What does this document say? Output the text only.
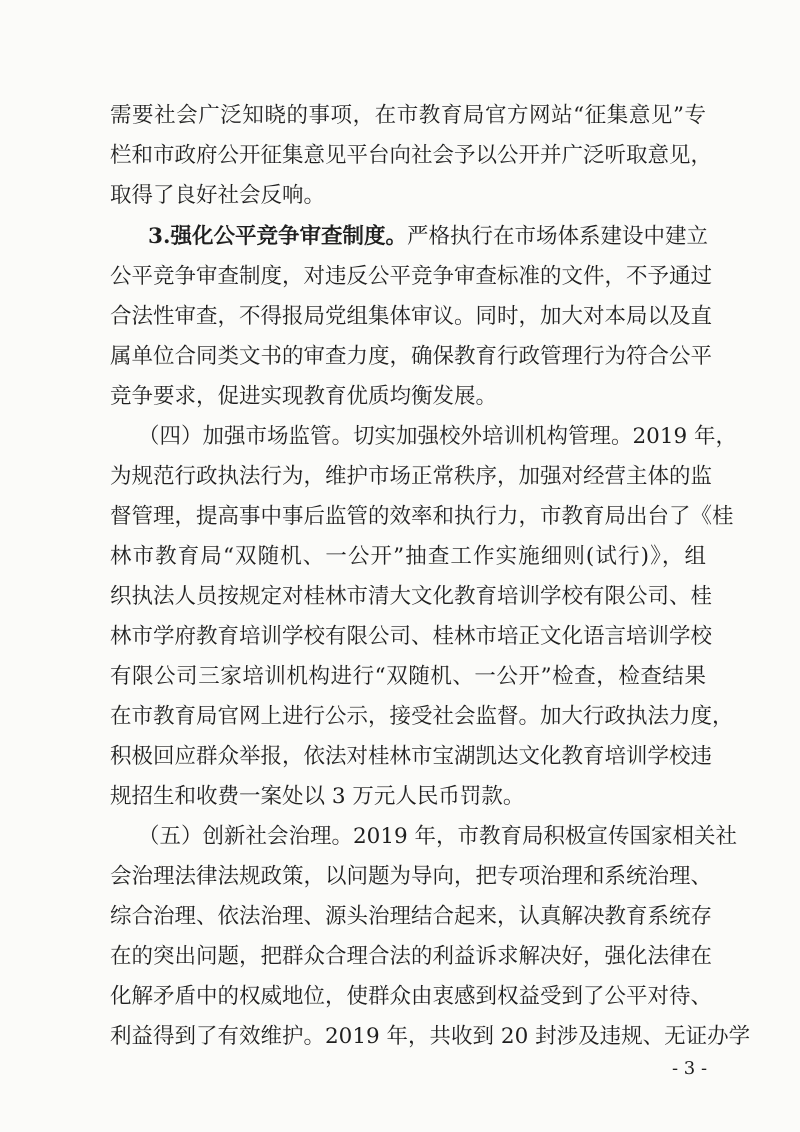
需要社会广泛知晓的事项，在市教育局官方网站“征集意见”专
栏和市政府公开征集意见平台向社会予以公开并广泛听取意见，
取得了良好社会反响。
3.强化公平竞争审查制度。严格执行在市场体系建设中建立
公平竞争审查制度，对违反公平竞争审查标准的文件，不予通过
合法性审查，不得报局党组集体审议。同时，加大对本局以及直
属单位合同类文书的审查力度，确保教育行政管理行为符合公平
竞争要求，促进实现教育优质均衡发展。
（四）加强市场监管。切实加强校外培训机构管理。2019 年，
为规范行政执法行为，维护市场正常秩序，加强对经营主体的监
督管理，提高事中事后监管的效率和执行力，市教育局出台了《桂
林市教育局“双随机、一公开”抽查工作实施细则(试行)》，组
织执法人员按规定对桂林市清大文化教育培训学校有限公司、桂
林市学府教育培训学校有限公司、桂林市培正文化语言培训学校
有限公司三家培训机构进行“双随机、一公开”检查，检查结果
在市教育局官网上进行公示，接受社会监督。加大行政执法力度，
积极回应群众举报，依法对桂林市宝湖凯达文化教育培训学校违
规招生和收费一案处以 3 万元人民币罚款。
（五）创新社会治理。2019 年，市教育局积极宣传国家相关社
会治理法律法规政策，以问题为导向，把专项治理和系统治理、
综合治理、依法治理、源头治理结合起来，认真解决教育系统存
在的突出问题，把群众合理合法的利益诉求解决好，强化法律在
化解矛盾中的权威地位，使群众由衷感到权益受到了公平对待、
利益得到了有效维护。2019 年，共收到 20 封涉及违规、无证办学
- 3 -
